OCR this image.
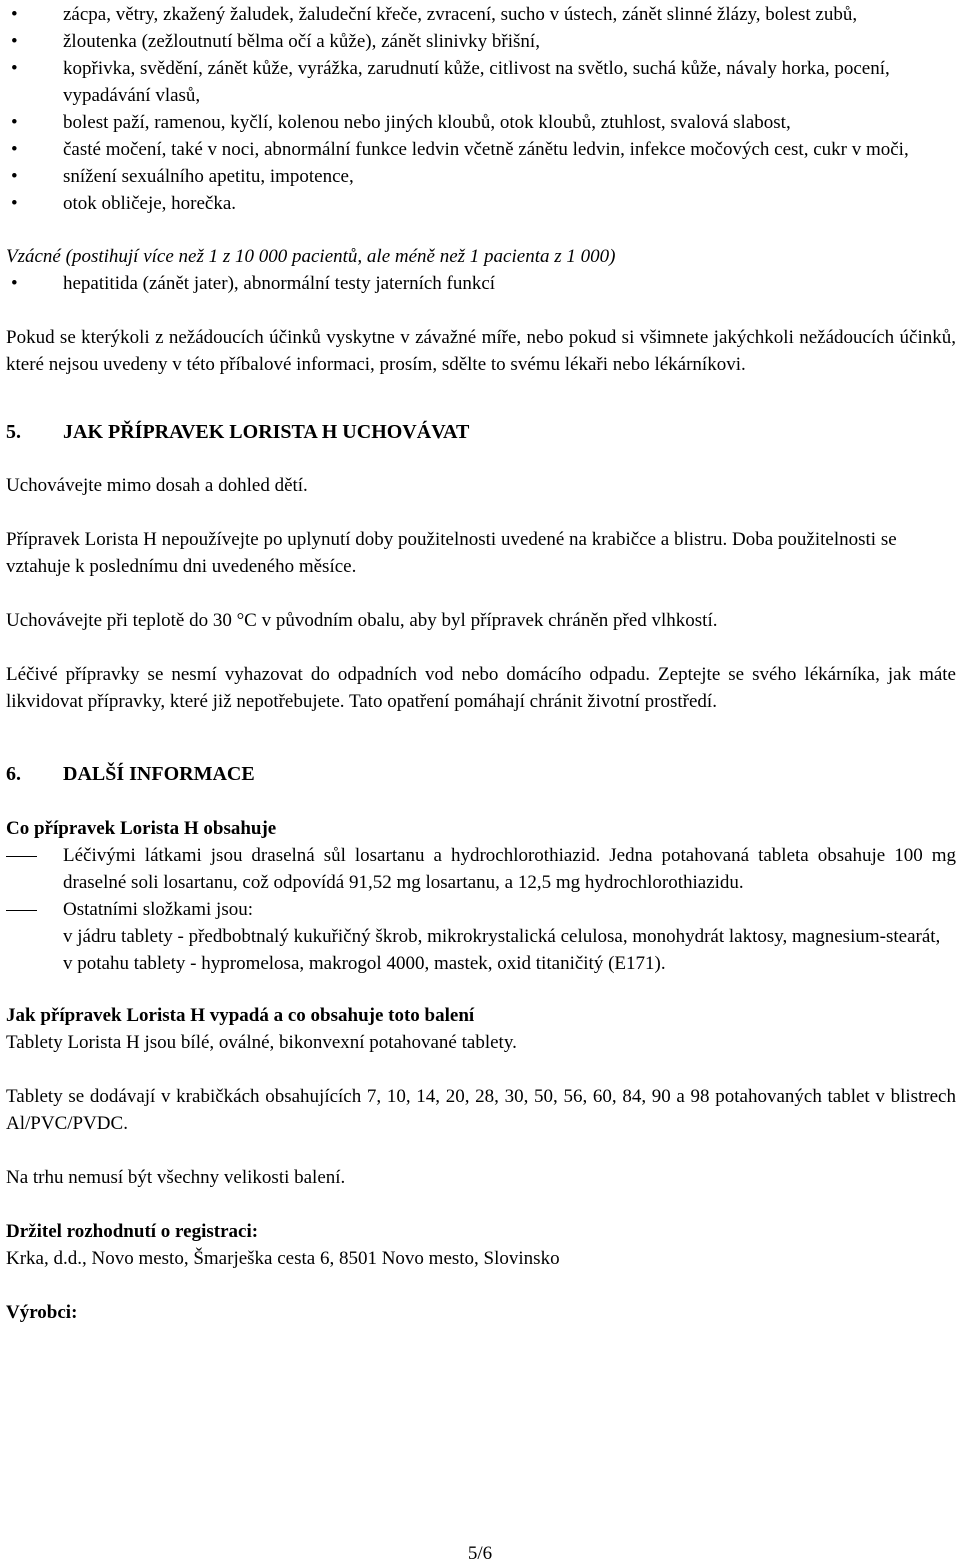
• zácpa, větry, zkažený žaludek, žaludeční křeče, zvracení, sucho v ústech, zánět slinné žlázy, bolest zubů,
• žloutenka (zežloutnutí bělma očí a kůže), zánět slinivky břišní,
• kopřivka, svědění, zánět kůže, vyrážka, zarudnutí kůže, citlivost na světlo, suchá kůže, návaly horka, pocení, vypadávání vlasů,
• bolest paží, ramenou, kyčlí, kolenou nebo jiných kloubů, otok kloubů, ztuhlost, svalová slabost,
• časté močení, také v noci, abnormální funkce ledvin včetně zánětu ledvin, infekce močových cest, cukr v moči,
• snížení sexuálního apetitu, impotence,
• otok obličeje, horečka.

Vzácné (postihují více než 1 z 10 000 pacientů, ale méně než 1 pacienta z 1 000)

• hepatitida (zánět jater), abnormální testy jaterních funkcí

Pokud se kterýkoli z nežádoucích účinků vyskytne v závažné míře, nebo pokud si všimnete jakýchkoli nežádoucích účinků, které nejsou uvedeny v této příbalové informaci, prosím, sdělte to svému lékaři nebo lékárníkovi.

5. JAK PŘÍPRAVEK LORISTA H UCHOVÁVAT

Uchovávejte mimo dosah a dohled dětí.

Přípravek Lorista H nepoužívejte po uplynutí doby použitelnosti uvedené na krabičce a blistru. Doba použitelnosti se vztahuje k poslednímu dni uvedeného měsíce.

Uchovávejte při teplotě do 30 °C v původním obalu, aby byl přípravek chráněn před vlhkostí.

Léčivé přípravky se nesmí vyhazovat do odpadních vod nebo domácího odpadu. Zeptejte se svého lékárníka, jak máte likvidovat přípravky, které již nepotřebujete. Tato opatření pomáhají chránit životní prostředí.

6. DALŠÍ INFORMACE

Co přípravek Lorista H obsahuje

Léčivými látkami jsou draselná sůl losartanu a hydrochlorothiazid. Jedna potahovaná tableta obsahuje 100 mg draselné soli losartanu, což odpovídá 91,52 mg losartanu, a 12,5 mg hydrochlorothiazidu.
Ostatními složkami jsou:
v jádru tablety - předbobtnalý kukuřičný škrob, mikrokrystalická celulosa, monohydrát laktosy, magnesium-stearát,
v potahu tablety - hypromelosa, makrogol 4000, mastek, oxid titaničitý (E171).

Jak přípravek Lorista H vypadá a co obsahuje toto balení

Tablety Lorista H jsou bílé, oválné, bikonvexní potahované tablety.

Tablety se dodávají v krabičkách obsahujících 7, 10, 14, 20, 28, 30, 50, 56, 60, 84, 90 a 98 potahovaných tablet v blistrech Al/PVC/PVDC.

Na trhu nemusí být všechny velikosti balení.

Držitel rozhodnutí o registraci:

Krka, d.d., Novo mesto, Šmarješka cesta 6, 8501 Novo mesto, Slovinsko

Výrobci:

5/6
